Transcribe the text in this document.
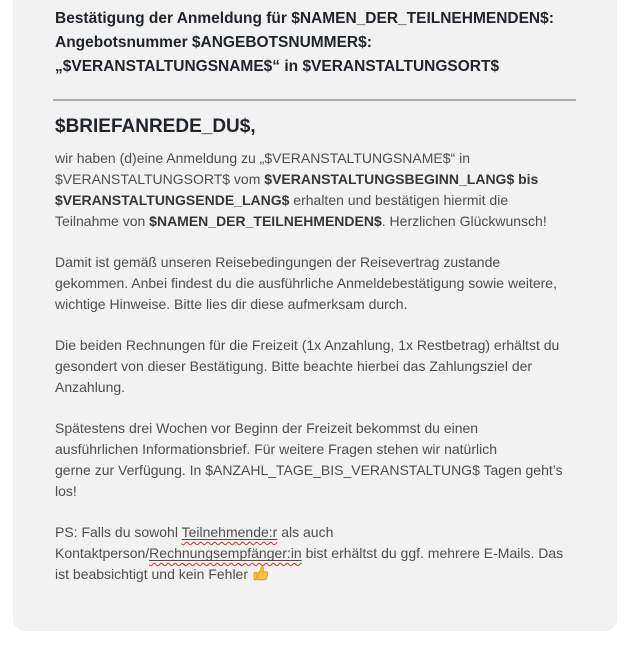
Bestätigung der Anmeldung für $NAMEN_DER_TEILNEHMENDEN$:
Angebotsnummer $ANGEBOTSNUMMER$:
„$VERANSTALTUNGSNAME$“ in $VERANSTALTUNGSORT$
$BRIEFANREDE_DU$,
wir haben (d)eine Anmeldung zu „$VERANSTALTUNGSNAME$“ in
$VERANSTALTUNGSORT$ vom $VERANSTALTUNGSBEGINN_LANG$ bis
$VERANSTALTUNGSENDE_LANG$ erhalten und bestätigen hiermit die
Teilnahme von $NAMEN_DER_TEILNEHMENDEN$. Herzlichen Glückwunsch!
Damit ist gemäß unseren Reisebedingungen der Reisevertrag zustande
gekommen. Anbei findest du die ausführliche Anmeldebestätigung sowie weitere,
wichtige Hinweise. Bitte lies dir diese aufmerksam durch.
Die beiden Rechnungen für die Freizeit (1x Anzahlung, 1x Restbetrag) erhältst du
gesondert von dieser Bestätigung. Bitte beachte hierbei das Zahlungsziel der
Anzahlung.
Spätestens drei Wochen vor Beginn der Freizeit bekommst du einen
ausführlichen Informationsbrief. Für weitere Fragen stehen wir natürlich
gerne zur Verfügung. In $ANZAHL_TAGE_BIS_VERANSTALTUNG$ Tagen geht’s
los!
PS: Falls du sowohl Teilnehmende:r als auch
Kontaktperson/Rechnungsempfänger:in bist erhältst du ggf. mehrere E-Mails. Das
ist beabsichtigt und kein Fehler
